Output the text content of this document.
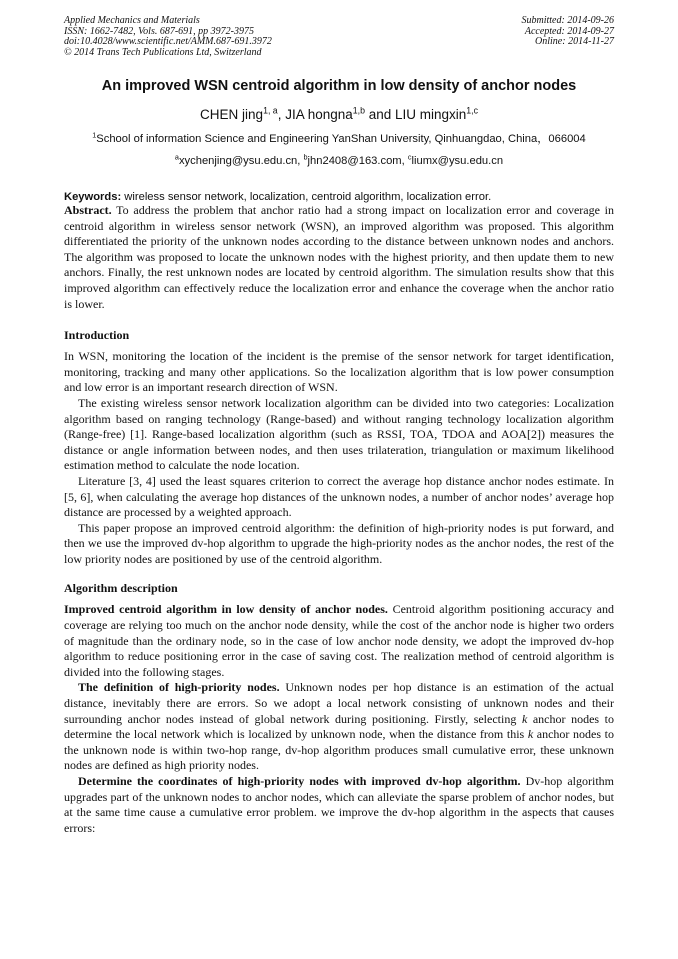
Applied Mechanics and Materials
ISSN: 1662-7482, Vols. 687-691, pp 3972-3975
doi:10.4028/www.scientific.net/AMM.687-691.3972
© 2014 Trans Tech Publications Ltd, Switzerland
Submitted: 2014-09-26
Accepted: 2014-09-27
Online: 2014-11-27
An improved WSN centroid algorithm in low density of anchor nodes
CHEN jing$^{1, a}$, JIA hongna$^{1,b}$ and LIU mingxin$^{1,c}$
$^1$School of information Science and Engineering YanShan University, Qinhuangdao, China，066004
$^a$xychenjing@ysu.edu.cn, $^b$jhn2408@163.com, $^c$liumx@ysu.edu.cn
Keywords: wireless sensor network, localization, centroid algorithm, localization error.

Abstract. To address the problem that anchor ratio had a strong impact on localization error and coverage in centroid algorithm in wireless sensor network (WSN), an improved algorithm was proposed. This algorithm differentiated the priority of the unknown nodes according to the distance between unknown nodes and anchors. The algorithm was proposed to locate the unknown nodes with the highest priority, and then update them to new anchors. Finally, the rest unknown nodes are located by centroid algorithm. The simulation results show that this improved algorithm can effectively reduce the localization error and enhance the coverage when the anchor ratio is lower.

Introduction

In WSN, monitoring the location of the incident is the premise of the sensor network for target identification, monitoring, tracking and many other applications. So the localization algorithm that is low power consumption and low error is an important research direction of WSN.

The existing wireless sensor network localization algorithm can be divided into two categories: Localization algorithm based on ranging technology (Range-based) and without ranging technology localization algorithm (Range-free) [1]. Range-based localization algorithm (such as RSSI, TOA, TDOA and AOA[2]) measures the distance or angle information between nodes, and then uses trilateration, triangulation or maximum likelihood estimation method to calculate the node location.

Literature [3, 4] used the least squares criterion to correct the average hop distance anchor nodes estimate. In [5, 6], when calculating the average hop distances of the unknown nodes, a number of anchor nodes’ average hop distance are processed by a weighted approach.

This paper propose an improved centroid algorithm: the definition of high-priority nodes is put forward, and then we use the improved dv-hop algorithm to upgrade the high-priority nodes as the anchor nodes, the rest of the low priority nodes are positioned by use of the centroid algorithm.

Algorithm description

Improved centroid algorithm in low density of anchor nodes. Centroid algorithm positioning accuracy and coverage are relying too much on the anchor node density, while the cost of the anchor node is higher two orders of magnitude than the ordinary node, so in the case of low anchor node density, we adopt the improved dv-hop algorithm to reduce positioning error in the case of saving cost. The realization method of centroid algorithm is divided into the following stages.

The definition of high-priority nodes. Unknown nodes per hop distance is an estimation of the actual distance, inevitably there are errors. So we adopt a local network consisting of unknown nodes and their surrounding anchor nodes instead of global network during positioning. Firstly, selecting k anchor nodes to determine the local network which is localized by unknown node, when the distance from this k anchor nodes to the unknown node is within two-hop range, dv-hop algorithm produces small cumulative error, these unknown nodes are defined as high priority nodes.

Determine the coordinates of high-priority nodes with improved dv-hop algorithm. Dv-hop algorithm upgrades part of the unknown nodes to anchor nodes, which can alleviate the sparse problem of anchor nodes, but at the same time cause a cumulative error problem. we improve the dv-hop algorithm in the aspects that causes errors:
